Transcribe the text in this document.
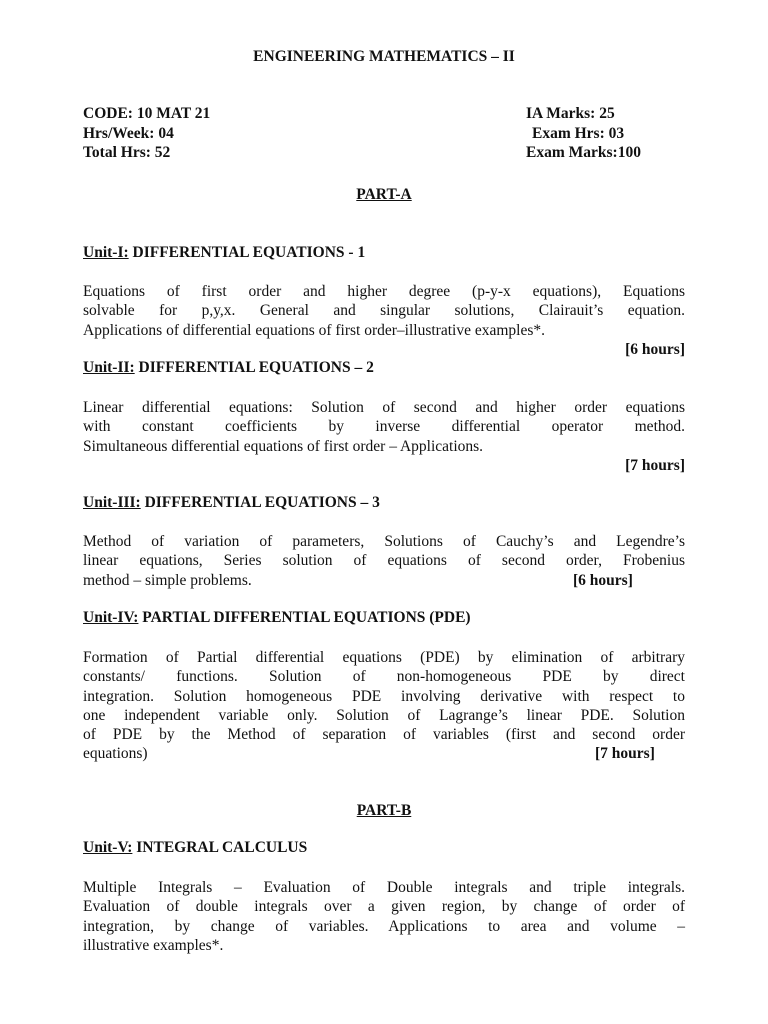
ENGINEERING MATHEMATICS – II
CODE: 10 MAT 21
Hrs/Week: 04
Total Hrs: 52
IA Marks: 25
Exam Hrs: 03
Exam Marks:100
PART-A
Unit-I: DIFFERENTIAL EQUATIONS - 1
Equations of first order and higher degree (p-y-x equations), Equations
solvable for p,y,x. General and singular solutions, Clairauit’s equation.
Applications of differential equations of first order–illustrative examples*.
[6 hours]
Unit-II: DIFFERENTIAL EQUATIONS – 2
Linear differential equations: Solution of second and higher order equations
with constant coefficients by inverse differential operator method.
Simultaneous differential equations of first order – Applications.
[7 hours]
Unit-III: DIFFERENTIAL EQUATIONS – 3
Method of variation of parameters, Solutions of Cauchy’s and Legendre’s
linear equations, Series solution of equations of second order, Frobenius
method – simple problems.	[6 hours]
Unit-IV: PARTIAL DIFFERENTIAL EQUATIONS (PDE)
Formation of Partial differential equations (PDE) by elimination of arbitrary
constants/ functions. Solution of non-homogeneous PDE by direct
integration. Solution homogeneous PDE involving derivative with respect to
one independent variable only. Solution of Lagrange’s linear PDE. Solution
of PDE by the Method of separation of variables (first and second order
equations)	[7 hours]
PART-B
Unit-V: INTEGRAL CALCULUS
Multiple Integrals – Evaluation of Double integrals and triple integrals.
Evaluation of double integrals over a given region, by change of order of
integration, by change of variables. Applications to area and volume –
illustrative examples*.
